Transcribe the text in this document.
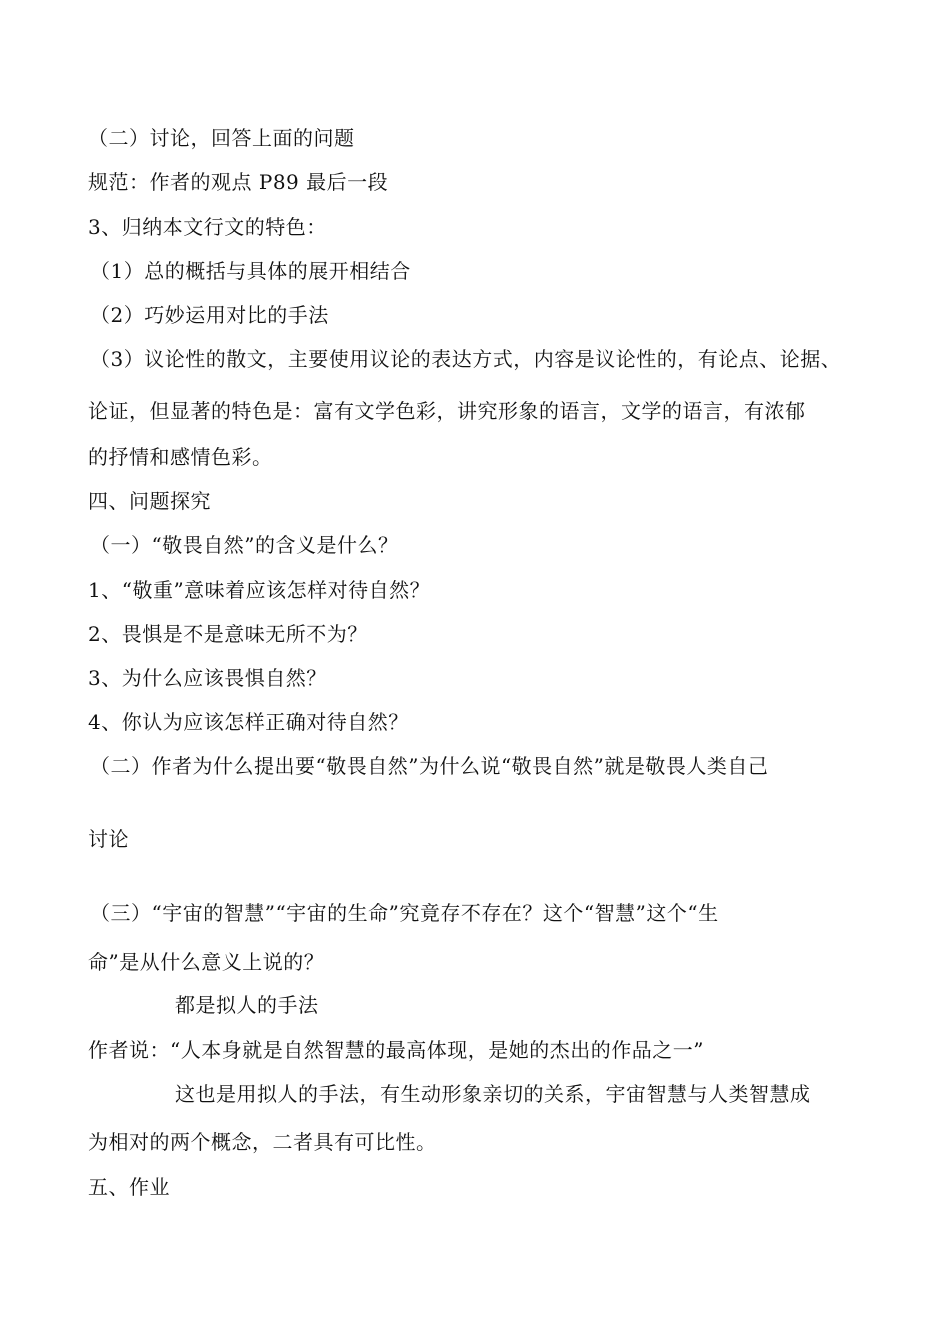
（二）讨论，回答上面的问题
规范：作者的观点 P89 最后一段
3、归纳本文行文的特色：
（1）总的概括与具体的展开相结合
（2）巧妙运用对比的手法
（3）议论性的散文，主要使用议论的表达方式，内容是议论性的，有论点、论据、
论证，但显著的特色是：富有文学色彩，讲究形象的语言，文学的语言，有浓郁
的抒情和感情色彩。
四、问题探究
（一）“敬畏自然”的含义是什么？
1、“敬重”意味着应该怎样对待自然？
2、畏惧是不是意味无所不为？
3、为什么应该畏惧自然？
4、你认为应该怎样正确对待自然？
（二）作者为什么提出要“敬畏自然”为什么说“敬畏自然”就是敬畏人类自己
讨论
（三）“宇宙的智慧”“宇宙的生命”究竟存不存在？这个“智慧”这个“生
命”是从什么意义上说的？
都是拟人的手法
作者说：“人本身就是自然智慧的最高体现，是她的杰出的作品之一”
这也是用拟人的手法，有生动形象亲切的关系，宇宙智慧与人类智慧成
为相对的两个概念，二者具有可比性。
五、作业
